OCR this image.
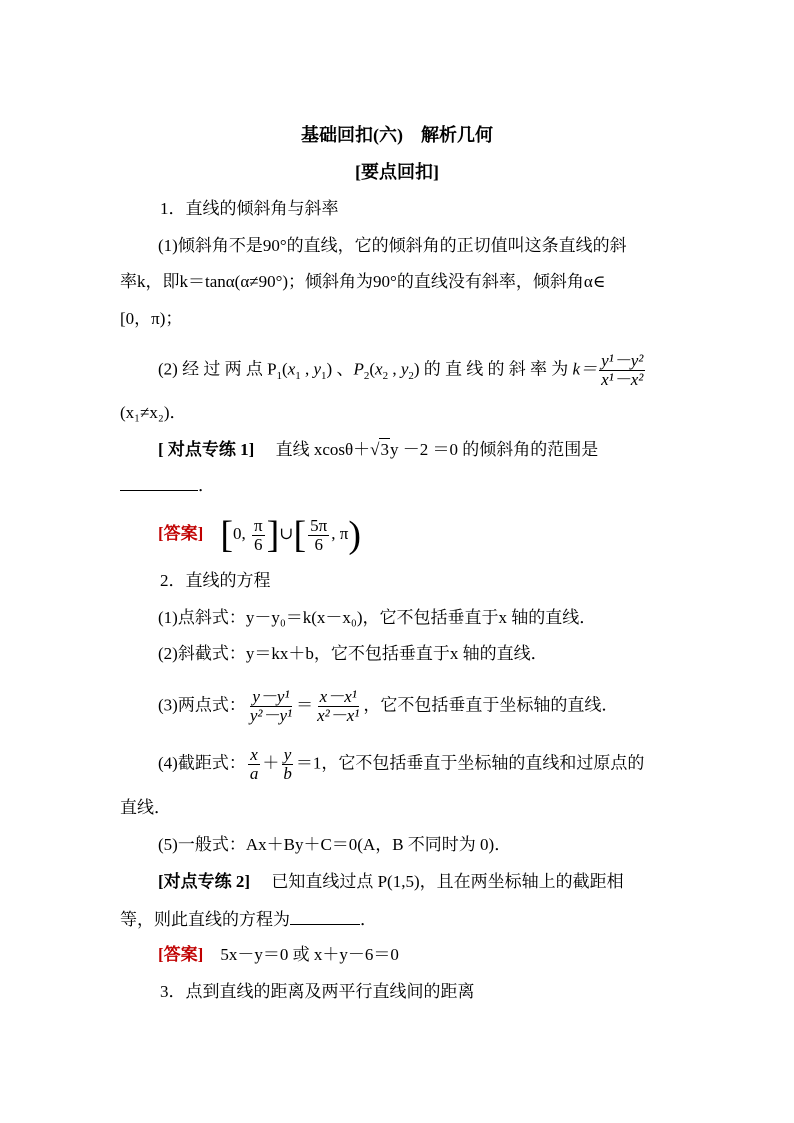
基础回扣(六)　解析几何
[要点回扣]
1．直线的倾斜角与斜率
(1)倾斜角不是90°的直线，它的倾斜角的正切值叫这条直线的斜
率k，即k＝tanα(α≠90°)；倾斜角为90°的直线没有斜率，倾斜角α∈
[0，π)；
(2) 经 过 两 点 $P_1(x_1$ , $y_1$) 、$P_2(x_2$ , $y_2$) 的 直 线 的 斜 率 为 $k= \frac{\text{y¹－y²}}{\text{x¹－x²}}$
(x₁≠x₂)．
[ 对点专练 1] 直线 xcosθ＋√3y －2 ＝0 的倾斜角的范围是
．
[答案] [0, $\frac{\pi}{6}$ ]∪[ $\frac{5\pi}{6}$ , π)
2．直线的方程
(1)点斜式：y－y₀＝k(x－x₀)，它不包括垂直于x 轴的直线．
(2)斜截式：y＝kx＋b，它不包括垂直于x 轴的直线．
(3)两点式： $\frac{\text{y－y¹}}{\text{y²－y¹}} = \frac{\text{x－x¹}}{\text{x²－x¹}}$ ，它不包括垂直于坐标轴的直线．
(4)截距式： $\frac{x}{a} + \frac{y}{b} =1$，它不包括垂直于坐标轴的直线和过原点的
直线．
(5)一般式：Ax＋By＋C＝0(A，B 不同时为 0)．
[对点专练 2] 已知直线过点 P(1,5)，且在两坐标轴上的截距相
等，则此直线的方程为	．
[答案] 5x－y＝0 或 x＋y－6＝0
3．点到直线的距离及两平行直线间的距离
